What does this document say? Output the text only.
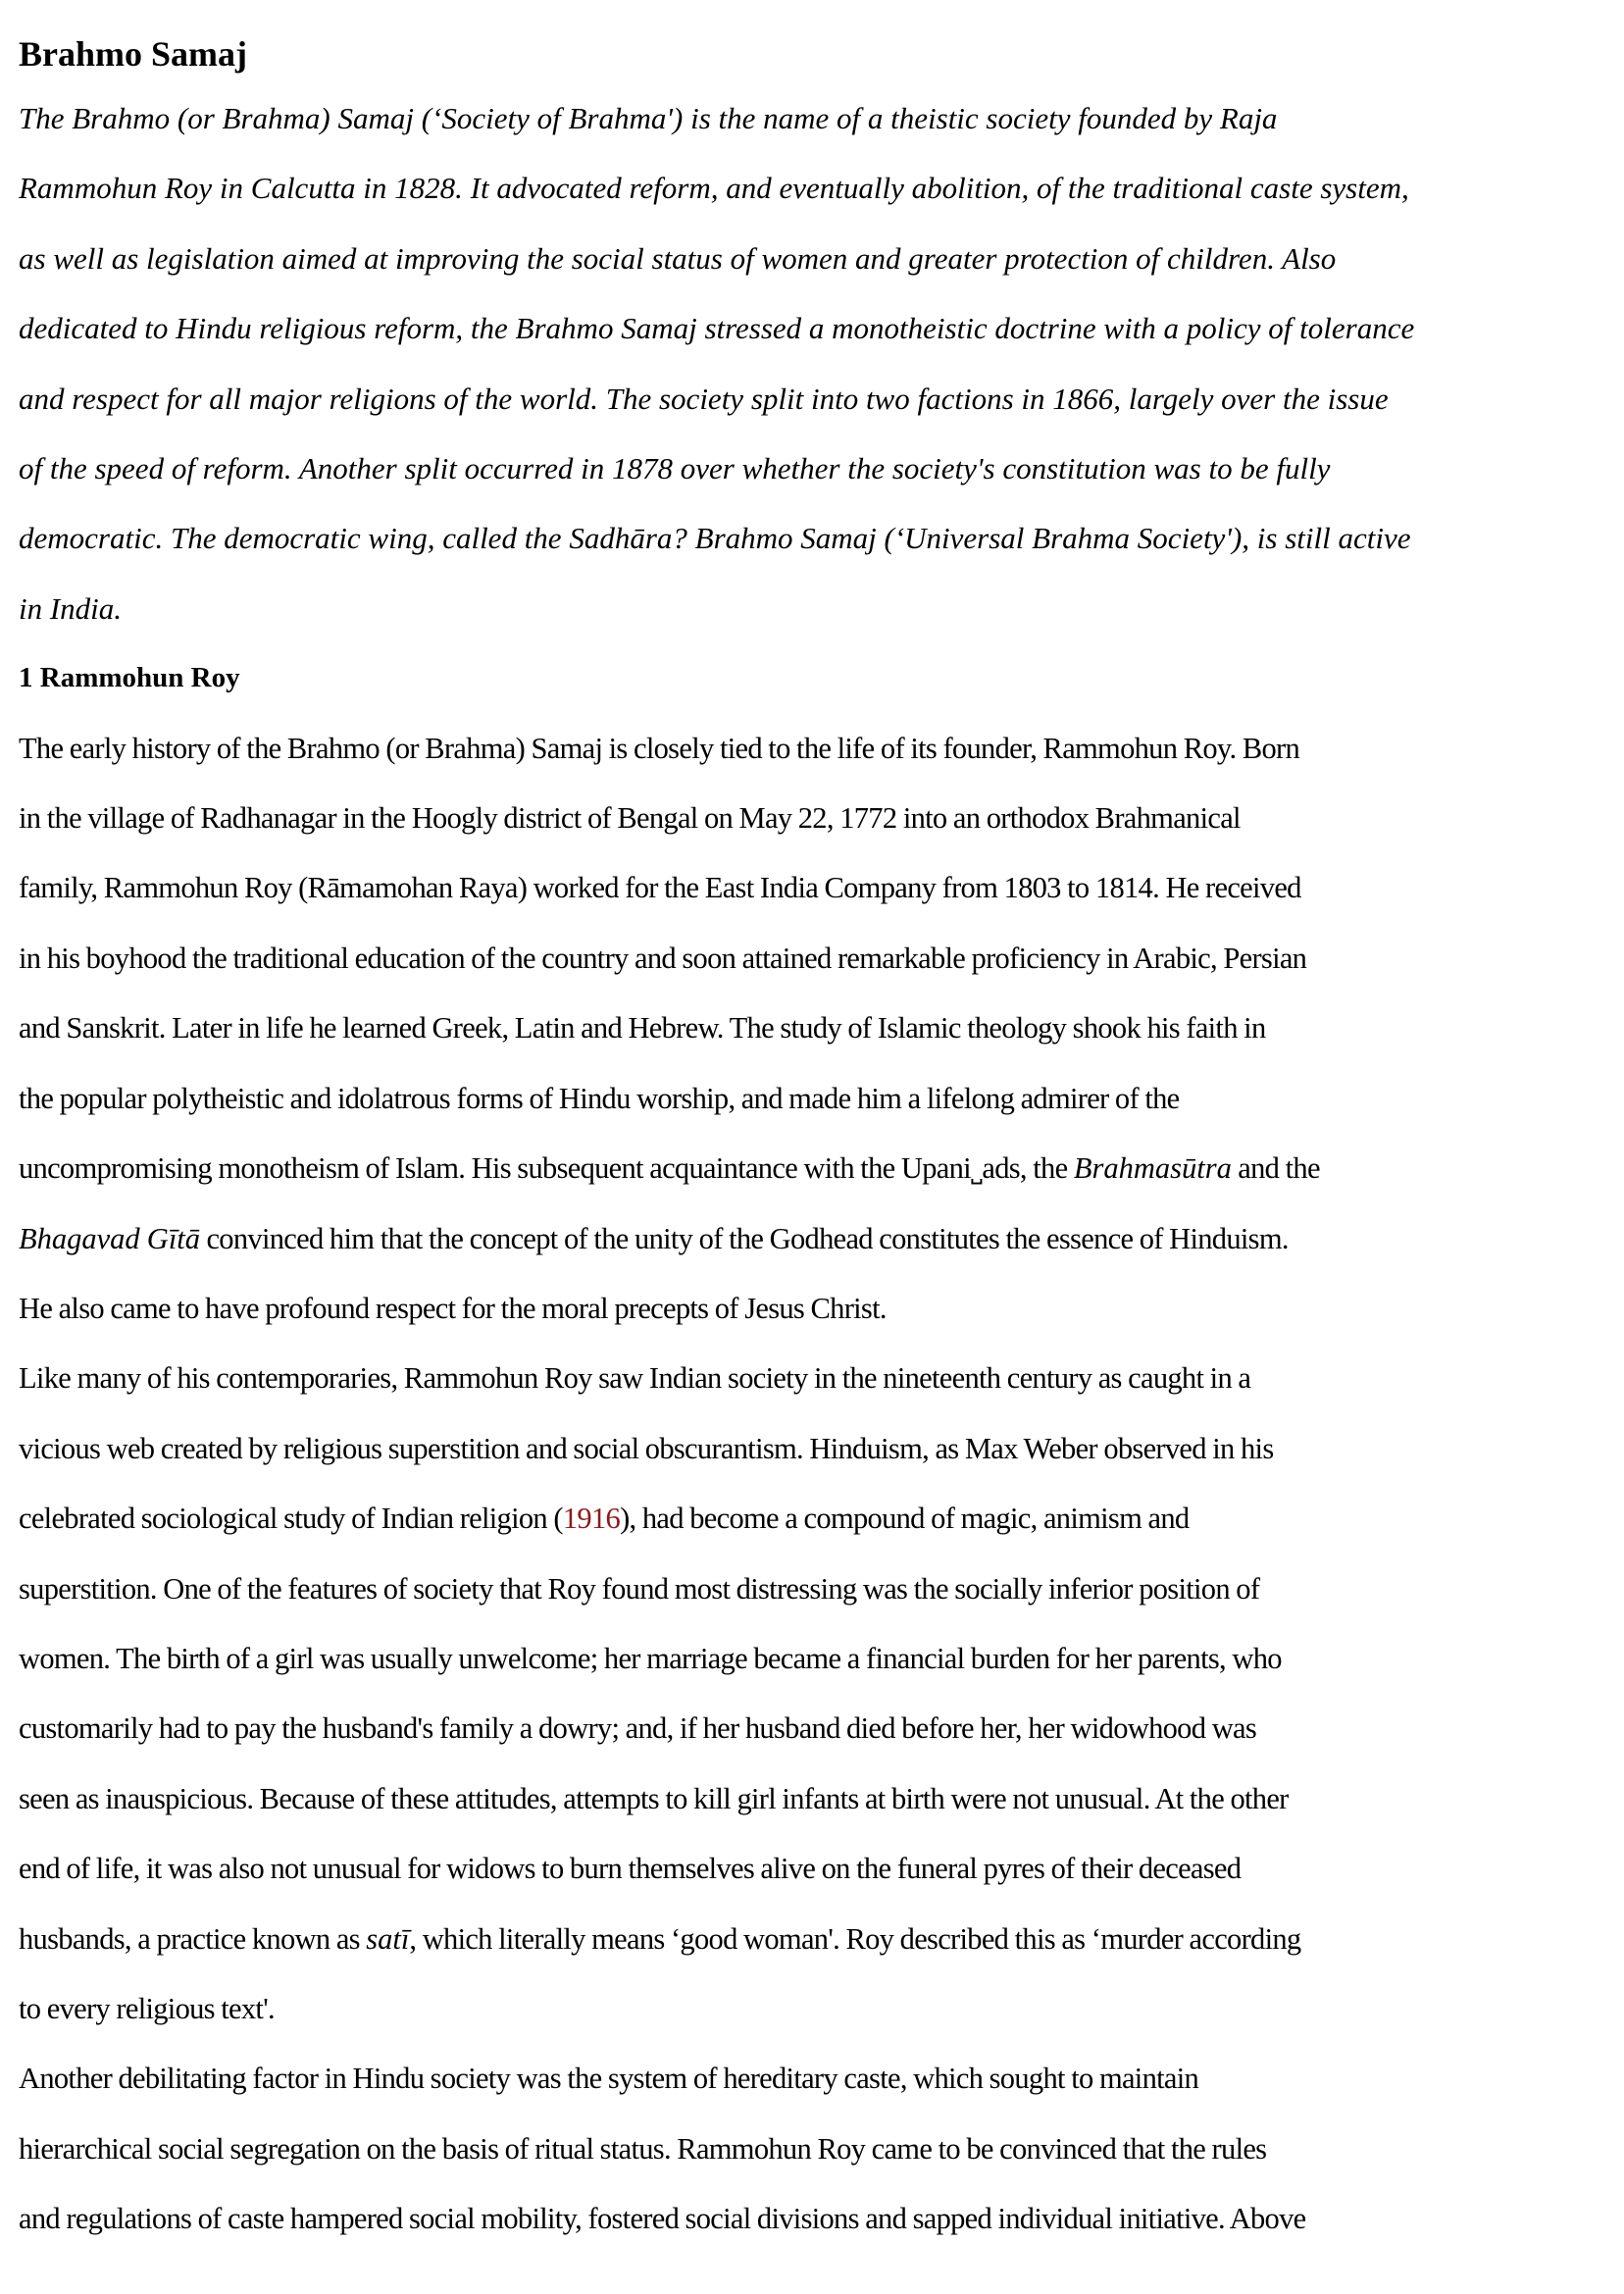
Brahmo Samaj

The Brahmo (or Brahma) Samaj (‘Society of Brahma') is the name of a theistic society founded by Raja
Rammohun Roy in Calcutta in 1828. It advocated reform, and eventually abolition, of the traditional caste system,
as well as legislation aimed at improving the social status of women and greater protection of children. Also
dedicated to Hindu religious reform, the Brahmo Samaj stressed a monotheistic doctrine with a policy of tolerance
and respect for all major religions of the world. The society split into two factions in 1866, largely over the issue
of the speed of reform. Another split occurred in 1878 over whether the society's constitution was to be fully
democratic. The democratic wing, called the Sadhāra? Brahmo Samaj (‘Universal Brahma Society'), is still active
in India.

1 Rammohun Roy

The early history of the Brahmo (or Brahma) Samaj is closely tied to the life of its founder, Rammohun Roy. Born
in the village of Radhanagar in the Hoogly district of Bengal on May 22, 1772 into an orthodox Brahmanical
family, Rammohun Roy (Rāmamohan Raya) worked for the East India Company from 1803 to 1814. He received
in his boyhood the traditional education of the country and soon attained remarkable proficiency in Arabic, Persian
and Sanskrit. Later in life he learned Greek, Latin and Hebrew. The study of Islamic theology shook his faith in
the popular polytheistic and idolatrous forms of Hindu worship, and made him a lifelong admirer of the
uncompromising monotheism of Islam. His subsequent acquaintance with the Upani˽ads, the Brahmasūtra and the
Bhagavad Gītā convinced him that the concept of the unity of the Godhead constitutes the essence of Hinduism.
He also came to have profound respect for the moral precepts of Jesus Christ.

Like many of his contemporaries, Rammohun Roy saw Indian society in the nineteenth century as caught in a
vicious web created by religious superstition and social obscurantism. Hinduism, as Max Weber observed in his
celebrated sociological study of Indian religion (1916), had become a compound of magic, animism and
superstition. One of the features of society that Roy found most distressing was the socially inferior position of
women. The birth of a girl was usually unwelcome; her marriage became a financial burden for her parents, who
customarily had to pay the husband's family a dowry; and, if her husband died before her, her widowhood was
seen as inauspicious. Because of these attitudes, attempts to kill girl infants at birth were not unusual. At the other
end of life, it was also not unusual for widows to burn themselves alive on the funeral pyres of their deceased
husbands, a practice known as satī, which literally means ‘good woman'. Roy described this as ‘murder according
to every religious text'.

Another debilitating factor in Hindu society was the system of hereditary caste, which sought to maintain
hierarchical social segregation on the basis of ritual status. Rammohun Roy came to be convinced that the rules
and regulations of caste hampered social mobility, fostered social divisions and sapped individual initiative. Above
